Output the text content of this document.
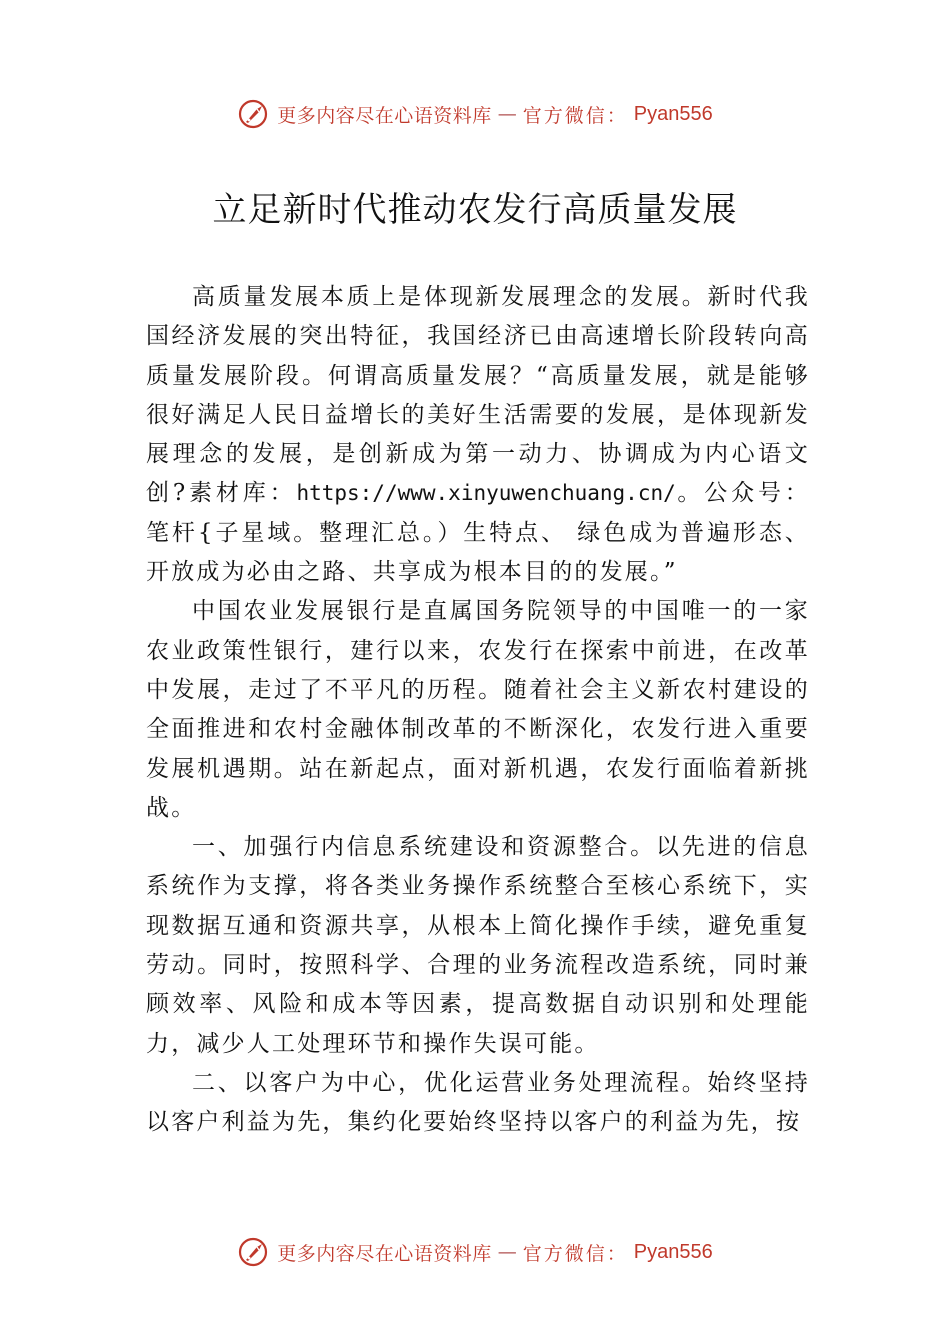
更多内容尽在心语资料库 — 官方微信： Pyan556
立足新时代推动农发行高质量发展

高质量发展本质上是体现新发展理念的发展。新时代我国经济发展的突出特征，我国经济已由高速增长阶段转向高质量发展阶段。何谓高质量发展？“高质量发展，就是能够很好满足人民日益增长的美好生活需要的发展，是体现新发展理念的发展，是创新成为第一动力、协调成为内心语文创?素材库：https://www.xinyuwenchuang.cn/。公众号：笔杆{子星域。整理汇总。）生特点、 绿色成为普遍形态、开放成为必由之路、共享成为根本目的的发展。”

中国农业发展银行是直属国务院领导的中国唯一的一家农业政策性银行，建行以来，农发行在探索中前进，在改革中发展，走过了不平凡的历程。随着社会主义新农村建设的全面推进和农村金融体制改革的不断深化，农发行进入重要发展机遇期。站在新起点，面对新机遇，农发行面临着新挑战。

一、加强行内信息系统建设和资源整合。以先进的信息系统作为支撑，将各类业务操作系统整合至核心系统下，实现数据互通和资源共享，从根本上简化操作手续，避免重复劳动。同时，按照科学、合理的业务流程改造系统，同时兼顾效率、风险和成本等因素，提高数据自动识别和处理能力，减少人工处理环节和操作失误可能。

二、以客户为中心，优化运营业务处理流程。始终坚持以客户利益为先，集约化要始终坚持以客户的利益为先，按

更多内容尽在心语资料库 — 官方微信： Pyan556
